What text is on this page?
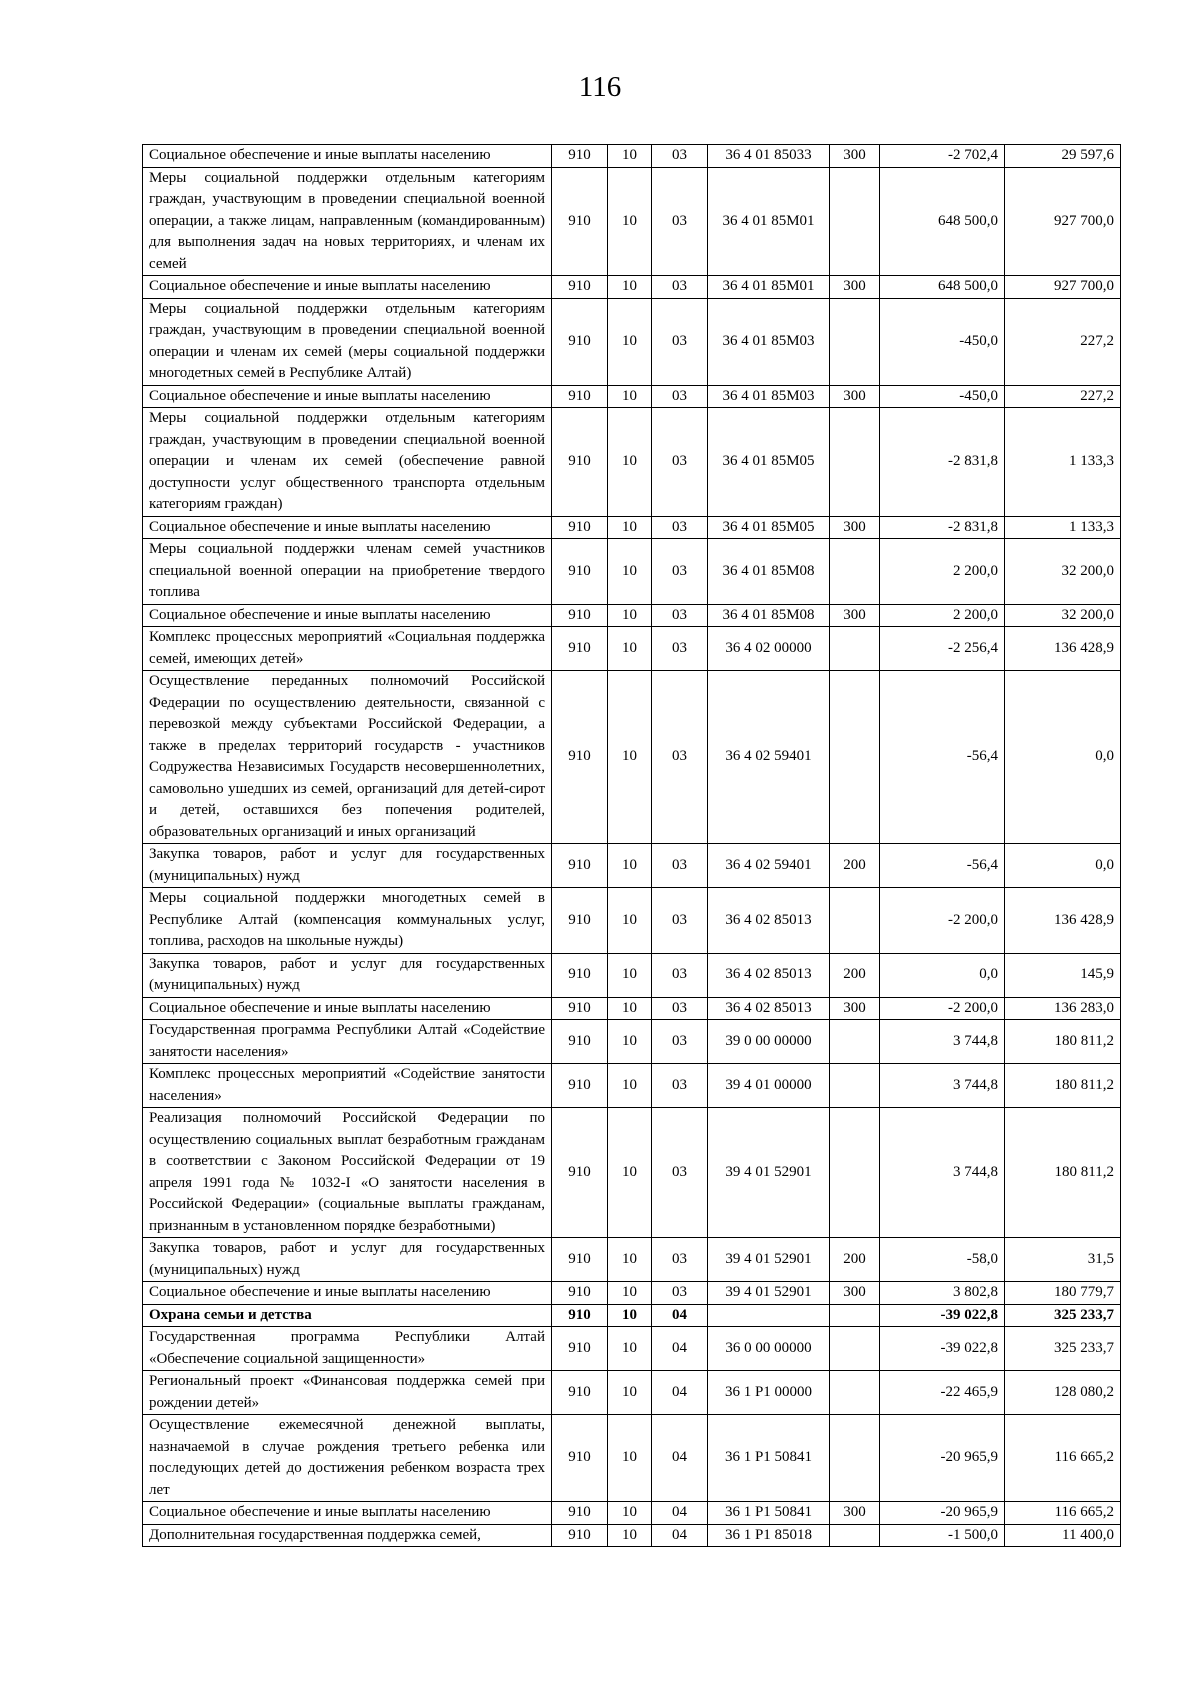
116
Социальное обеспечение и иные выплаты населению	910	10	03	36 4 01 85033	300	-2 702,4	29 597,6
Меры социальной поддержки отдельным категориям граждан, участвующим в проведении специальной военной операции, а также лицам, направленным (командированным) для выполнения задач на новых территориях, и членам их семей	910	10	03	36 4 01 85М01		648 500,0	927 700,0
Социальное обеспечение и иные выплаты населению	910	10	03	36 4 01 85М01	300	648 500,0	927 700,0
Меры социальной поддержки отдельным категориям граждан, участвующим в проведении специальной военной операции и членам их семей (меры социальной поддержки многодетных семей в Республике Алтай)	910	10	03	36 4 01 85М03		-450,0	227,2
Социальное обеспечение и иные выплаты населению	910	10	03	36 4 01 85М03	300	-450,0	227,2
Меры социальной поддержки отдельным категориям граждан, участвующим в проведении специальной военной операции и членам их семей (обеспечение равной доступности услуг общественного транспорта отдельным категориям граждан)	910	10	03	36 4 01 85М05		-2 831,8	1 133,3
Социальное обеспечение и иные выплаты населению	910	10	03	36 4 01 85М05	300	-2 831,8	1 133,3
Меры социальной поддержки членам семей участников специальной военной операции на приобретение твердого топлива	910	10	03	36 4 01 85М08		2 200,0	32 200,0
Социальное обеспечение и иные выплаты населению	910	10	03	36 4 01 85М08	300	2 200,0	32 200,0
Комплекс процессных мероприятий «Социальная поддержка семей, имеющих детей»	910	10	03	36 4 02 00000		-2 256,4	136 428,9
Осуществление переданных полномочий Российской Федерации по осуществлению деятельности, связанной с перевозкой между субъектами Российской Федерации, а также в пределах территорий государств - участников Содружества Независимых Государств несовершеннолетних, самовольно ушедших из семей, организаций для детей-сирот и детей, оставшихся без попечения родителей, образовательных организаций и иных организаций	910	10	03	36 4 02 59401		-56,4	0,0
Закупка товаров, работ и услуг для государственных (муниципальных) нужд	910	10	03	36 4 02 59401	200	-56,4	0,0
Меры социальной поддержки многодетных семей в Республике Алтай (компенсация коммунальных услуг, топлива, расходов на школьные нужды)	910	10	03	36 4 02 85013		-2 200,0	136 428,9
Закупка товаров, работ и услуг для государственных (муниципальных) нужд	910	10	03	36 4 02 85013	200	0,0	145,9
Социальное обеспечение и иные выплаты населению	910	10	03	36 4 02 85013	300	-2 200,0	136 283,0
Государственная программа Республики Алтай «Содействие занятости населения»	910	10	03	39 0 00 00000		3 744,8	180 811,2
Комплекс процессных мероприятий «Содействие занятости населения»	910	10	03	39 4 01 00000		3 744,8	180 811,2
Реализация полномочий Российской Федерации по осуществлению социальных выплат безработным гражданам в соответствии с Законом Российской Федерации от 19 апреля 1991 года № 1032-I «О занятости населения в Российской Федерации» (социальные выплаты гражданам, признанным в установленном порядке безработными)	910	10	03	39 4 01 52901		3 744,8	180 811,2
Закупка товаров, работ и услуг для государственных (муниципальных) нужд	910	10	03	39 4 01 52901	200	-58,0	31,5
Социальное обеспечение и иные выплаты населению	910	10	03	39 4 01 52901	300	3 802,8	180 779,7
Охрана семьи и детства	910	10	04			-39 022,8	325 233,7
Государственная программа Республики Алтай «Обеспечение социальной защищенности»	910	10	04	36 0 00 00000		-39 022,8	325 233,7
Региональный проект «Финансовая поддержка семей при рождении детей»	910	10	04	36 1 Р1 00000		-22 465,9	128 080,2
Осуществление ежемесячной денежной выплаты, назначаемой в случае рождения третьего ребенка или последующих детей до достижения ребенком возраста трех лет	910	10	04	36 1 Р1 50841		-20 965,9	116 665,2
Социальное обеспечение и иные выплаты населению	910	10	04	36 1 Р1 50841	300	-20 965,9	116 665,2
Дополнительная государственная поддержка семей,	910	10	04	36 1 Р1 85018		-1 500,0	11 400,0
